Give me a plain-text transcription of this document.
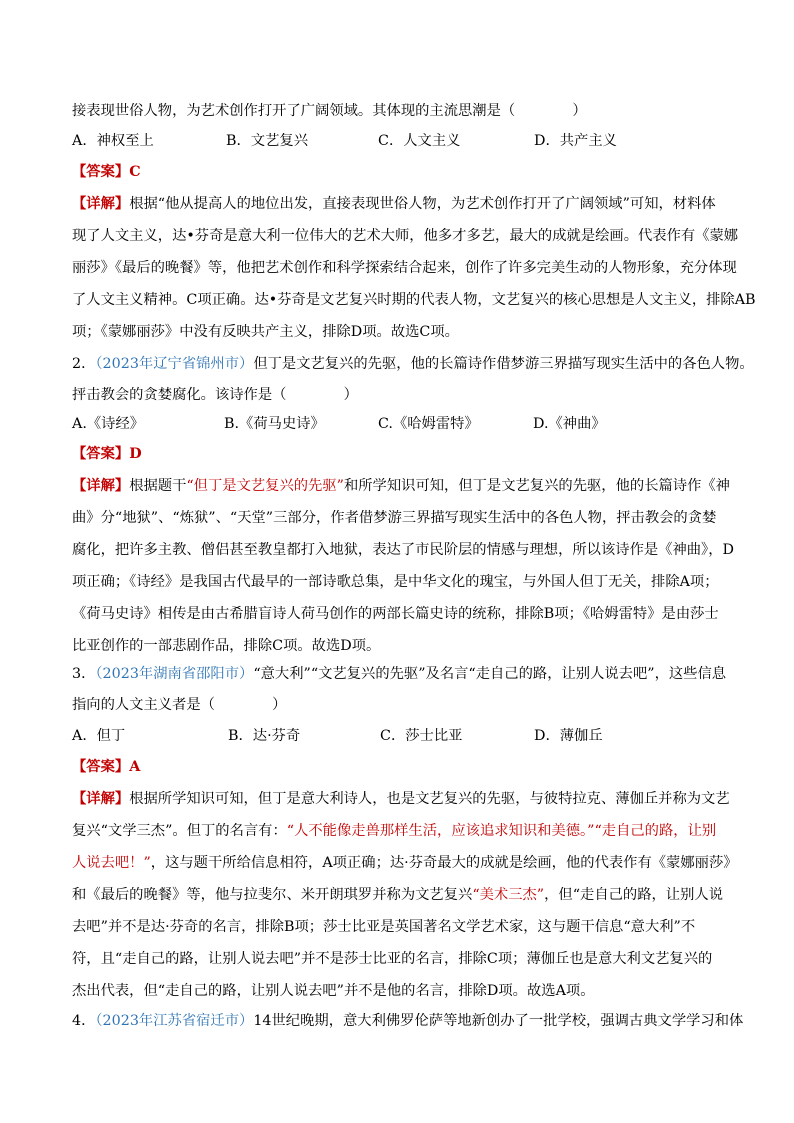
接表现世俗人物，为艺术创作打开了广阔领域。其体现的主流思潮是（　　　　）
A．神权至上	B．文艺复兴	C．人文主义	D．共产主义
【答案】C
【详解】根据“他从提高人的地位出发，直接表现世俗人物，为艺术创作打开了广阔领域”可知，材料体
现了人文主义，达•芬奇是意大利一位伟大的艺术大师，他多才多艺，最大的成就是绘画。代表作有《蒙娜
丽莎》《最后的晚餐》等，他把艺术创作和科学探索结合起来，创作了许多完美生动的人物形象，充分体现
了人文主义精神。C项正确。达•芬奇是文艺复兴时期的代表人物，文艺复兴的核心思想是人文主义，排除AB
项；《蒙娜丽莎》中没有反映共产主义，排除D项。故选C项。
2．（2023年辽宁省锦州市）但丁是文艺复兴的先驱，他的长篇诗作借梦游三界描写现实生活中的各色人物。
抨击教会的贪婪腐化。该诗作是（　　　　）
A.《诗经》	B.《荷马史诗》	C.《哈姆雷特》	D.《神曲》
【答案】D
【详解】根据题干“但丁是文艺复兴的先驱”和所学知识可知，但丁是文艺复兴的先驱，他的长篇诗作《神
曲》分“地狱”、“炼狱”、“天堂”三部分，作者借梦游三界描写现实生活中的各色人物，抨击教会的贪婪
腐化，把许多主教、僧侣甚至教皇都打入地狱，表达了市民阶层的情感与理想，所以该诗作是《神曲》，D
项正确；《诗经》是我国古代最早的一部诗歌总集，是中华文化的瑰宝，与外国人但丁无关，排除A项；
《荷马史诗》相传是由古希腊盲诗人荷马创作的两部长篇史诗的统称，排除B项；《哈姆雷特》是由莎士
比亚创作的一部悲剧作品，排除C项。故选D项。
3．（2023年湖南省邵阳市）“意大利”“文艺复兴的先驱”及名言“走自己的路，让别人说去吧”，这些信息
指向的人文主义者是（　　　　）
A．但丁	B．达·芬奇	C．莎士比亚	D．薄伽丘
【答案】A
【详解】根据所学知识可知，但丁是意大利诗人，也是文艺复兴的先驱，与彼特拉克、薄伽丘并称为文艺
复兴“文学三杰”。但丁的名言有：“人不能像走兽那样生活，应该追求知识和美德。”“走自己的路，让别
人说去吧！”，这与题干所给信息相符，A项正确；达·芬奇最大的成就是绘画，他的代表作有《蒙娜丽莎》
和《最后的晚餐》等，他与拉斐尔、米开朗琪罗并称为文艺复兴“美术三杰”，但“走自己的路，让别人说
去吧”并不是达·芬奇的名言，排除B项；莎士比亚是英国著名文学艺术家，这与题干信息“意大利”不
符，且“走自己的路，让别人说去吧”并不是莎士比亚的名言，排除C项；薄伽丘也是意大利文艺复兴的
杰出代表，但“走自己的路，让别人说去吧”并不是他的名言，排除D项。故选A项。
4．（2023年江苏省宿迁市）14世纪晚期，意大利佛罗伦萨等地新创办了一批学校，强调古典文学学习和体
